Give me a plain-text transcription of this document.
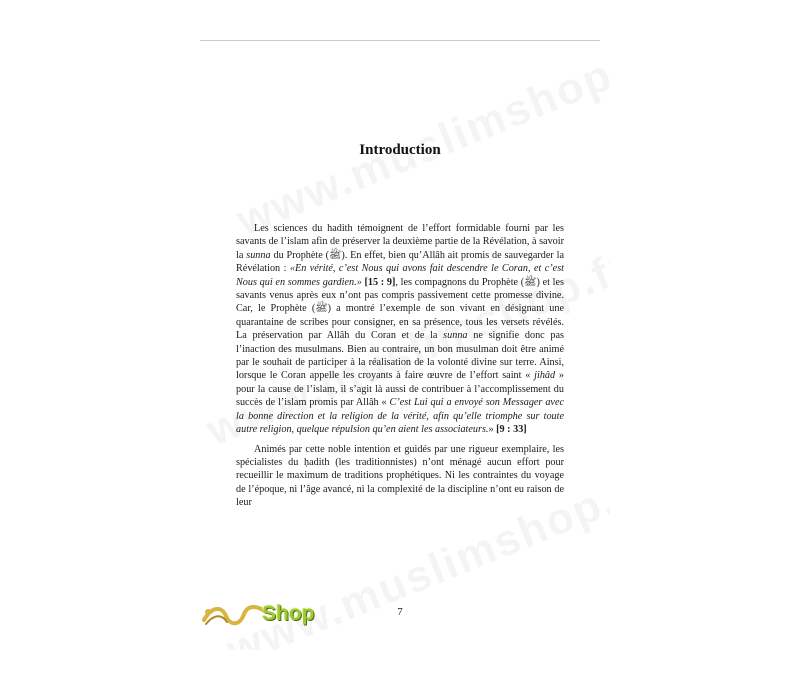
Introduction

Les sciences du hadith témoignent de l’effort formidable fourni par les savants de l’islam afin de préserver la deuxième partie de la Révélation, à savoir la sunna du Prophète (ﷺ). En effet, bien qu’Allâh ait promis de sauvegarder la Révélation : «En vérité, c’est Nous qui avons fait descendre le Coran, et c’est Nous qui en sommes gardien.» [15 : 9], les compagnons du Prophète (ﷺ) et les savants venus après eux n’ont pas compris passivement cette promesse divine. Car, le Prophète (ﷺ) a montré l’exemple de son vivant en désignant une quarantaine de scribes pour consigner, en sa présence, tous les versets révélés. La préservation par Allâh du Coran et de la sunna ne signifie donc pas l’inaction des musulmans. Bien au contraire, un bon musulman doit être animé par le souhait de participer à la réalisation de la volonté divine sur terre. Ainsi, lorsque le Coran appelle les croyants à faire œuvre de l’effort saint « jihâd » pour la cause de l’islam, il s’agit là aussi de contribuer à l’accomplissement du succès de l’islam promis par Allâh « C’est Lui qui a envoyé son Messager avec la bonne direction et la religion de la vérité, afin qu’elle triomphe sur toute autre religion, quelque répulsion qu’en aient les associateurs.» [9 : 33]

Animés par cette noble intention et guidés par une rigueur exemplaire, les spécialistes du ḥadith (les traditionnistes) n’ont ménagé aucun effort pour recueillir le maximum de traditions prophétiques. Ni les contraintes du voyage de l’époque, ni l’âge avancé, ni la complexité de la discipline n’ont eu raison de leur

7
Shop
